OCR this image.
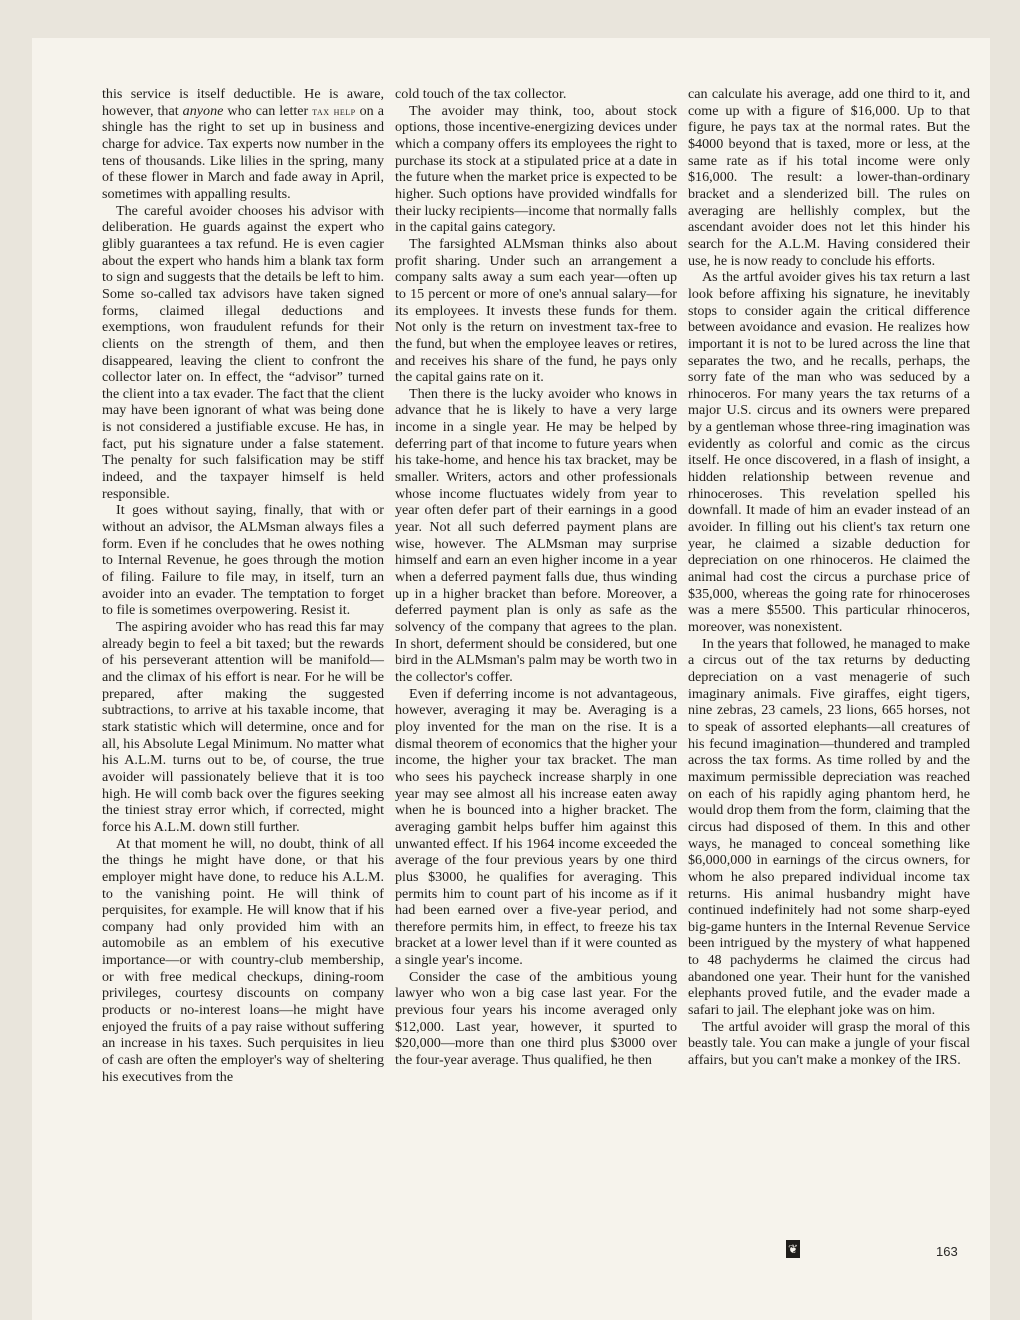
this service is itself deductible. He is aware, however, that anyone who can letter tax help on a shingle has the right to set up in business and charge for advice. Tax experts now number in the tens of thousands. Like lilies in the spring, many of these flower in March and fade away in April, sometimes with appalling results.

The careful avoider chooses his advisor with deliberation. He guards against the expert who glibly guarantees a tax refund. He is even cagier about the expert who hands him a blank tax form to sign and suggests that the details be left to him. Some so-called tax advisors have taken signed forms, claimed illegal deductions and exemptions, won fraudulent refunds for their clients on the strength of them, and then disappeared, leaving the client to confront the collector later on. In effect, the “advisor” turned the client into a tax evader. The fact that the client may have been ignorant of what was being done is not considered a justifiable excuse. He has, in fact, put his signature under a false statement. The penalty for such falsification may be stiff indeed, and the taxpayer himself is held responsible.

It goes without saying, finally, that with or without an advisor, the ALMsman always files a form. Even if he concludes that he owes nothing to Internal Revenue, he goes through the motion of filing. Failure to file may, in itself, turn an avoider into an evader. The temptation to forget to file is sometimes overpowering. Resist it.

The aspiring avoider who has read this far may already begin to feel a bit taxed; but the rewards of his perseverant attention will be manifold—and the climax of his effort is near. For he will be prepared, after making the suggested subtractions, to arrive at his taxable income, that stark statistic which will determine, once and for all, his Absolute Legal Minimum. No matter what his A.L.M. turns out to be, of course, the true avoider will passionately believe that it is too high. He will comb back over the figures seeking the tiniest stray error which, if corrected, might force his A.L.M. down still further.

At that moment he will, no doubt, think of all the things he might have done, or that his employer might have done, to reduce his A.L.M. to the vanishing point. He will think of perquisites, for example. He will know that if his company had only provided him with an automobile as an emblem of his executive importance—or with country-club membership, or with free medical checkups, dining-room privileges, courtesy discounts on company products or no-interest loans—he might have enjoyed the fruits of a pay raise without suffering an increase in his taxes. Such perquisites in lieu of cash are often the employer's way of sheltering his executives from the

cold touch of the tax collector.

The avoider may think, too, about stock options, those incentive-energizing devices under which a company offers its employees the right to purchase its stock at a stipulated price at a date in the future when the market price is expected to be higher. Such options have provided windfalls for their lucky recipients—income that normally falls in the capital gains category.

The farsighted ALMsman thinks also about profit sharing. Under such an arrangement a company salts away a sum each year—often up to 15 percent or more of one's annual salary—for its employees. It invests these funds for them. Not only is the return on investment tax-free to the fund, but when the employee leaves or retires, and receives his share of the fund, he pays only the capital gains rate on it.

Then there is the lucky avoider who knows in advance that he is likely to have a very large income in a single year. He may be helped by deferring part of that income to future years when his take-home, and hence his tax bracket, may be smaller. Writers, actors and other professionals whose income fluctuates widely from year to year often defer part of their earnings in a good year. Not all such deferred payment plans are wise, however. The ALMsman may surprise himself and earn an even higher income in a year when a deferred payment falls due, thus winding up in a higher bracket than before. Moreover, a deferred payment plan is only as safe as the solvency of the company that agrees to the plan. In short, deferment should be considered, but one bird in the ALMsman's palm may be worth two in the collector's coffer.

Even if deferring income is not advantageous, however, averaging it may be. Averaging is a ploy invented for the man on the rise. It is a dismal theorem of economics that the higher your income, the higher your tax bracket. The man who sees his paycheck increase sharply in one year may see almost all his increase eaten away when he is bounced into a higher bracket. The averaging gambit helps buffer him against this unwanted effect. If his 1964 income exceeded the average of the four previous years by one third plus $3000, he qualifies for averaging. This permits him to count part of his income as if it had been earned over a five-year period, and therefore permits him, in effect, to freeze his tax bracket at a lower level than if it were counted as a single year's income.

Consider the case of the ambitious young lawyer who won a big case last year. For the previous four years his income averaged only $12,000. Last year, however, it spurted to $20,000—more than one third plus $3000 over the four-year average. Thus qualified, he then

can calculate his average, add one third to it, and come up with a figure of $16,000. Up to that figure, he pays tax at the normal rates. But the $4000 beyond that is taxed, more or less, at the same rate as if his total income were only $16,000. The result: a lower-than-ordinary bracket and a slenderized bill. The rules on averaging are hellishly complex, but the ascendant avoider does not let this hinder his search for the A.L.M. Having considered their use, he is now ready to conclude his efforts.

As the artful avoider gives his tax return a last look before affixing his signature, he inevitably stops to consider again the critical difference between avoidance and evasion. He realizes how important it is not to be lured across the line that separates the two, and he recalls, perhaps, the sorry fate of the man who was seduced by a rhinoceros. For many years the tax returns of a major U.S. circus and its owners were prepared by a gentleman whose three-ring imagination was evidently as colorful and comic as the circus itself. He once discovered, in a flash of insight, a hidden relationship between revenue and rhinoceroses. This revelation spelled his downfall. It made of him an evader instead of an avoider. In filling out his client's tax return one year, he claimed a sizable deduction for depreciation on one rhinoceros. He claimed the animal had cost the circus a purchase price of $35,000, whereas the going rate for rhinoceroses was a mere $5500. This particular rhinoceros, moreover, was nonexistent.

In the years that followed, he managed to make a circus out of the tax returns by deducting depreciation on a vast menagerie of such imaginary animals. Five giraffes, eight tigers, nine zebras, 23 camels, 23 lions, 665 horses, not to speak of assorted elephants—all creatures of his fecund imagination—thundered and trampled across the tax forms. As time rolled by and the maximum permissible depreciation was reached on each of his rapidly aging phantom herd, he would drop them from the form, claiming that the circus had disposed of them. In this and other ways, he managed to conceal something like $6,000,000 in earnings of the circus owners, for whom he also prepared individual income tax returns. His animal husbandry might have continued indefinitely had not some sharp-eyed big-game hunters in the Internal Revenue Service been intrigued by the mystery of what happened to 48 pachyderms he claimed the circus had abandoned one year. Their hunt for the vanished elephants proved futile, and the evader made a safari to jail. The elephant joke was on him.

The artful avoider will grasp the moral of this beastly tale. You can make a jungle of your fiscal affairs, but you can't make a monkey of the IRS.

❦	163
